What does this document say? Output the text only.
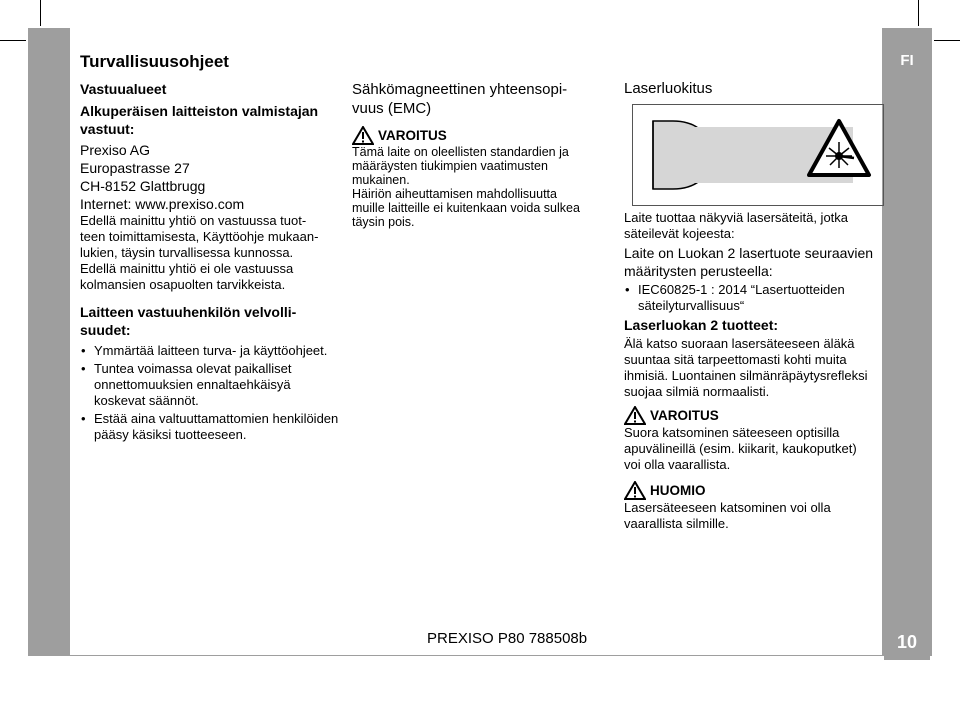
FI
10
PREXISO P80 788508b
Turvallisuusohjeet

Vastuualueet

Alkuperäisen laitteiston valmistajan vastuut:

Prexiso AG

Europastrasse 27

CH-8152 Glattbrugg

Internet: www.prexiso.com

Edellä mainittu yhtiö on vastuussa tuot-

teen toimittamisesta, Käyttöohje mukaan-

lukien, täysin turvallisessa kunnossa.

Edellä mainittu yhtiö ei ole vastuussa

kolmansien osapuolten tarvikkeista.

Laitteen vastuuhenkilön velvolli-

suudet:

• Ymmärtää laitteen turva- ja käyttöohjeet.
• Tuntea voimassa olevat paikalliset onnettomuuksien ennaltaehkäisyä koskevat säännöt.
• Estää aina valtuuttamattomien henkilöiden pääsy käsiksi tuotteeseen.

Sähkömagneettinen yhteensopi-

vuus (EMC)

VAROITUS

Tämä laite on oleellisten standardien ja

määräysten tiukimpien vaatimusten

mukainen.

Häiriön aiheuttamisen mahdollisuutta

muille laitteille ei kuitenkaan voida sulkea

täysin pois.

Laserluokitus

Laite tuottaa näkyviä lasersäteitä, jotka

säteilevät kojeesta:

Laite on Luokan 2 lasertuote seuraavien

määritysten perusteella:

• IEC60825-1 : 2014 “Lasertuotteiden säteilyturvallisuus“

Laserluokan 2 tuotteet:

Älä katso suoraan lasersäteeseen äläkä

suuntaa sitä tarpeettomasti kohti muita

ihmisiä. Luontainen silmänräpäytysrefleksi

suojaa silmiä normaalisti.

VAROITUS

Suora katsominen säteeseen optisilla

apuvälineillä (esim. kiikarit, kaukoputket)

voi olla vaarallista.

HUOMIO

Lasersäteeseen katsominen voi olla

vaarallista silmille.
